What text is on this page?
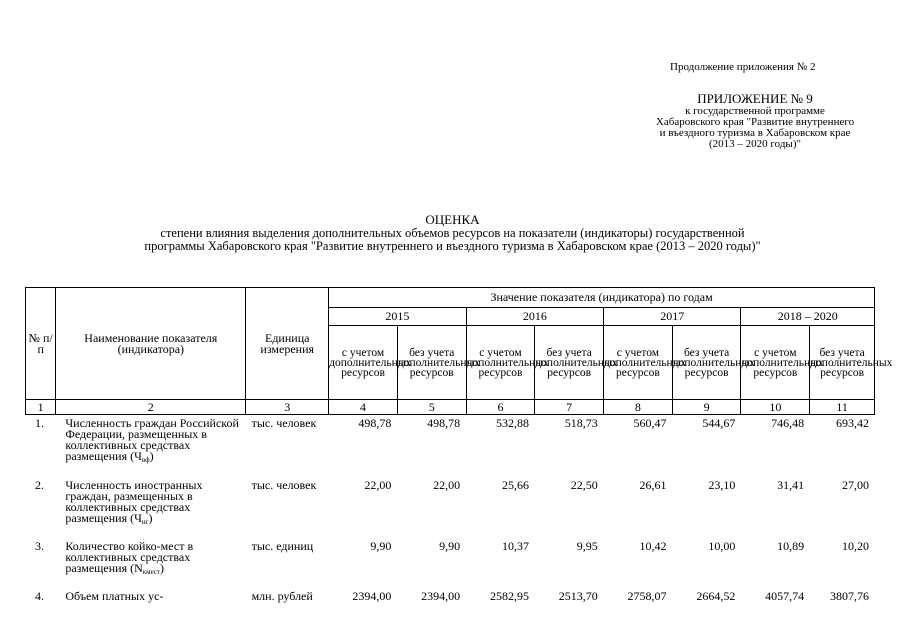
Продолжение приложения № 2
ПРИЛОЖЕНИЕ № 9
к государственной программе
Хабаровского края "Развитие внутреннего
и въездного туризма в Хабаровском крае
(2013 – 2020 годы)"
ОЦЕНКА
степени влияния выделения дополнительных объемов ресурсов на показатели (индикаторы) государственной
программы Хабаровского края "Развитие внутреннего и въездного туризма в Хабаровском крае (2013 – 2020 годы)"
№ п/п	Наименование показателя (индикатора)	Единица измерения	Значение показателя (индикатора) по годам							
			2015		2016		2017		2018 – 2020	
			с учетом дополнительных ресурсов	без учета дополнительных ресурсов	с учетом дополнительных ресурсов	без учета дополнительных ресурсов	с учетом дополнительных ресурсов	без учета дополнительных ресурсов	с учетом дополнительных ресурсов	без учета дополнительных ресурсов
1	2	3	4	5	6	7	8	9	10	11
1.	Численность граждан Российской Федерации, размещенных в коллективных средствах размещения (Чвф)	тыс. человек	498,78	498,78	532,88	518,73	560,47	544,67	746,48	693,42
2.	Численность иностранных граждан, размещенных в коллективных средствах размещения (Чиг)	тыс. человек	22,00	22,00	25,66	22,50	26,61	23,10	31,41	27,00
3.	Количество койко-мест в коллективных средствах размещения (Nкмест)	тыс. единиц	9,90	9,90	10,37	9,95	10,42	10,00	10,89	10,20
4.	Объем платных ус-	млн. рублей	2394,00	2394,00	2582,95	2513,70	2758,07	2664,52	4057,74	3807,76
